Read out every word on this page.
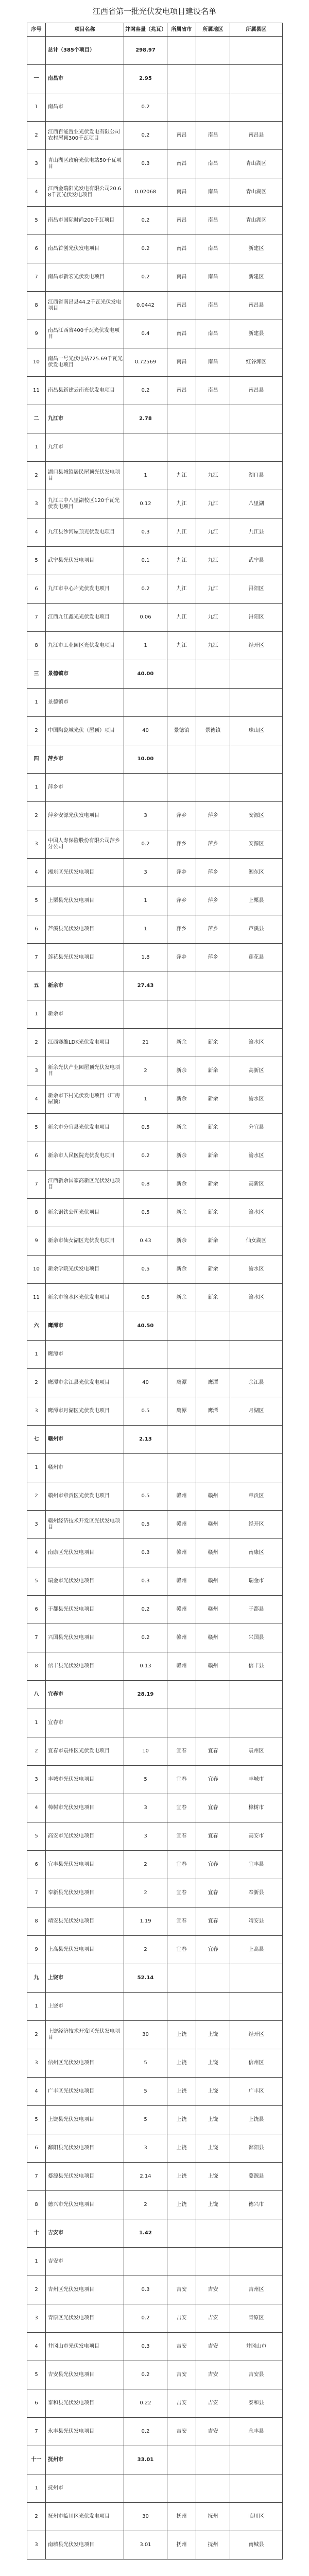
江西省第一批光伏发电项目建设名单
序号	项目名称	并网容量（兆瓦）	所属省市	所属地区	所属县区
	总计（385个项目）	298.97			
一	南昌市	2.95			
1	南昌市	0.2			
2	江西百能置业光伏发电有限公司农村屋顶300千瓦项目	0.2	南昌	南昌	南昌县
3	青山湖区政府光伏电站50千瓦项目	0.3	南昌	南昌	青山湖区
4	江西金瑞阳光发电有限公司20.68千瓦光伏发电项目	0.02068	南昌	南昌	青山湖区
5	南昌市国际时尚200千瓦项目	0.2	南昌	南昌	青山湖区
6	南昌首创光伏发电项目	0.2	南昌	南昌	新建区
7	南昌市新宏光伏发电项目	0.2	南昌	南昌	新建区
8	江西省南昌县44.2千瓦光伏发电项目	0.0442	南昌	南昌	南昌县
9	南昌江西省400千瓦光伏发电项目	0.4	南昌	南昌	新建县
10	南昌一号光伏电站725.69千瓦光伏发电项目	0.72569	南昌	南昌	红谷滩区
11	南昌县新建云南光伏发电项目	0.2	南昌	南昌	南昌县
二	九江市	2.78			
1	九江市				
2	湖口县城镇居民屋顶光伏发电项目	1	九江	九江	湖口县
3	九江三中八里湖校区120千瓦光伏发电项目	0.12	九江	九江	八里湖
4	九江县沙河屋顶光伏发电项目	0.3	九江	九江	九江县
5	武宁县光伏发电项目	0.1	九江	九江	武宁县
6	九江市中心片光伏发电项目	0.2	九江	九江	浔阳区
7	江西九江鑫光光伏发电项目	0.06	九江	九江	浔阳区
8	九江市工业园区光伏发电项目	1	九江	九江	经开区
三	景德镇市	40.00			
1	景德镇市				
2	中国陶瓷城光伏（屋顶）项目	40	景德镇	景德镇	珠山区
四	萍乡市	10.00			
1	萍乡市				
2	萍乡安源光伏发电项目	3	萍乡	萍乡	安源区
3	中国人寿保险股份有限公司萍乡分公司	0.2	萍乡	萍乡	安源区
4	湘东区光伏发电项目	3	萍乡	萍乡	湘东区
5	上栗县光伏发电项目	1	萍乡	萍乡	上栗县
6	芦溪县光伏发电项目	1	萍乡	萍乡	芦溪县
7	莲花县光伏发电项目	1.8	萍乡	萍乡	莲花县
五	新余市	27.43			
1	新余市				
2	江西赛维LDK光伏发电项目	21	新余	新余	渝水区
3	新余光伏产业园屋顶光伏发电项目	2	新余	新余	高新区
4	新余市下村光伏发电项目（厂房屋顶）	1	新余	新余	渝水区
5	新余市分宜县光伏发电项目	0.5	新余	新余	分宜县
6	新余市人民医院光伏发电项目	0.2	新余	新余	渝水区
7	江西新余国家高新区光伏发电项目	0.8	新余	新余	高新区
8	新余钢铁公司光伏项目	0.5	新余	新余	渝水区
9	新余市仙女湖区光伏发电项目	0.43	新余	新余	仙女湖区
10	新余学院光伏发电项目	0.5	新余	新余	渝水区
11	新余市渝水区光伏发电项目	0.5	新余	新余	渝水区
六	鹰潭市	40.50			
1	鹰潭市				
2	鹰潭市余江县光伏发电项目	40	鹰潭	鹰潭	余江县
3	鹰潭市月湖区光伏发电项目	0.5	鹰潭	鹰潭	月湖区
七	赣州市	2.13			
1	赣州市				
2	赣州市章贡区光伏发电项目	0.5	赣州	赣州	章贡区
3	赣州经济技术开发区光伏发电项目	0.5	赣州	赣州	经开区
4	南康区光伏发电项目	0.3	赣州	赣州	南康区
5	瑞金市光伏发电项目	0.3	赣州	赣州	瑞金市
6	于都县光伏发电项目	0.2	赣州	赣州	于都县
7	兴国县光伏发电项目	0.2	赣州	赣州	兴国县
8	信丰县光伏发电项目	0.13	赣州	赣州	信丰县
八	宜春市	28.19			
1	宜春市				
2	宜春市袁州区光伏发电项目	10	宜春	宜春	袁州区
3	丰城市光伏发电项目	5	宜春	宜春	丰城市
4	樟树市光伏发电项目	3	宜春	宜春	樟树市
5	高安市光伏发电项目	3	宜春	宜春	高安市
6	宜丰县光伏发电项目	2	宜春	宜春	宜丰县
7	奉新县光伏发电项目	2	宜春	宜春	奉新县
8	靖安县光伏发电项目	1.19	宜春	宜春	靖安县
9	上高县光伏发电项目	2	宜春	宜春	上高县
九	上饶市	52.14			
1	上饶市				
2	上饶经济技术开发区光伏发电项目	30	上饶	上饶	经开区
3	信州区光伏发电项目	5	上饶	上饶	信州区
4	广丰区光伏发电项目	5	上饶	上饶	广丰区
5	上饶县光伏发电项目	5	上饶	上饶	上饶县
6	鄱阳县光伏发电项目	3	上饶	上饶	鄱阳县
7	婺源县光伏发电项目	2.14	上饶	上饶	婺源县
8	德兴市光伏发电项目	2	上饶	上饶	德兴市
十	吉安市	1.42			
1	吉安市				
2	吉州区光伏发电项目	0.3	吉安	吉安	吉州区
3	青原区光伏发电项目	0.2	吉安	吉安	青原区
4	井冈山市光伏发电项目	0.3	吉安	吉安	井冈山市
5	吉安县光伏发电项目	0.2	吉安	吉安	吉安县
6	泰和县光伏发电项目	0.22	吉安	吉安	泰和县
7	永丰县光伏发电项目	0.2	吉安	吉安	永丰县
十一	抚州市	33.01			
1	抚州市				
2	抚州市临川区光伏发电项目	30	抚州	抚州	临川区
3	南城县光伏发电项目	3.01	抚州	抚州	南城县
